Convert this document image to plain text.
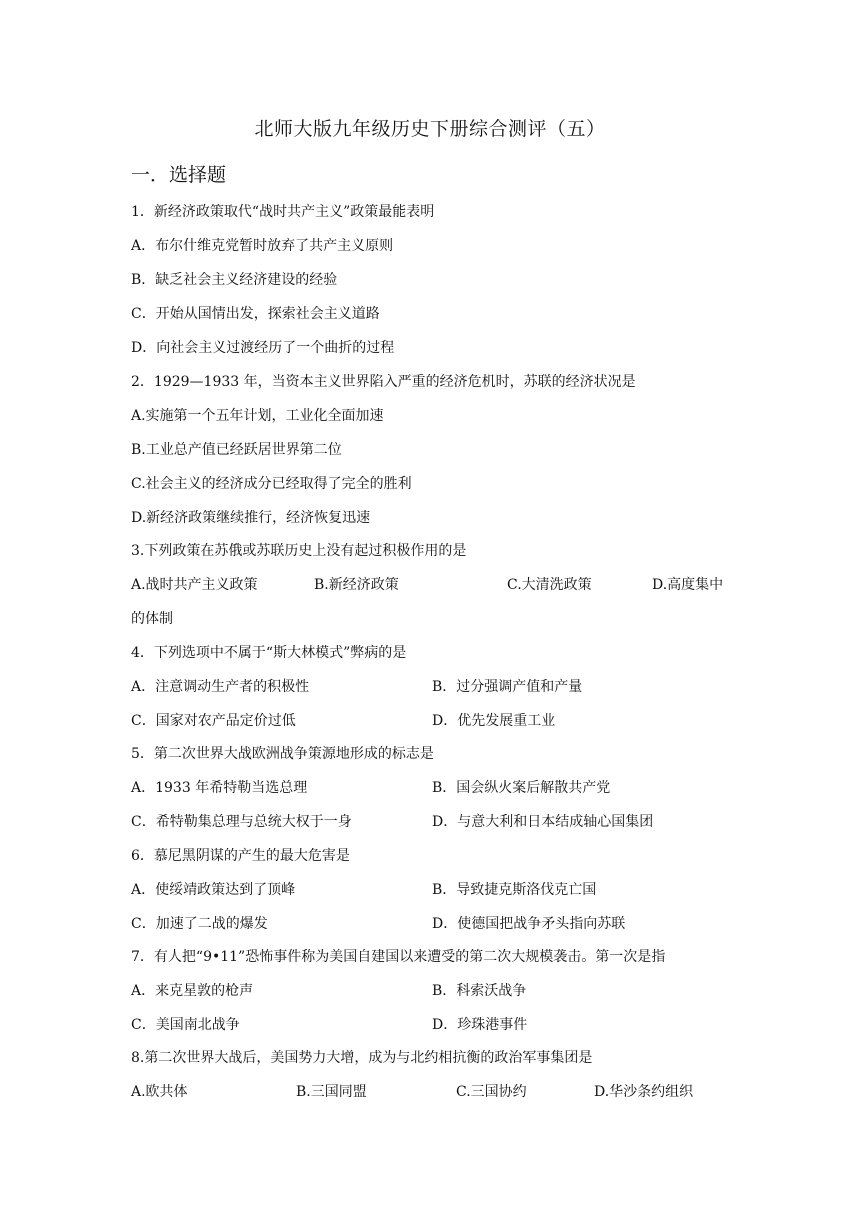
北师大版九年级历史下册综合测评（五）
一．选择题
1．新经济政策取代“战时共产主义”政策最能表明
A．布尔什维克党暂时放弃了共产主义原则
B．缺乏社会主义经济建设的经验
C．开始从国情出发，探索社会主义道路
D．向社会主义过渡经历了一个曲折的过程
2．1929—1933 年，当资本主义世界陷入严重的经济危机时，苏联的经济状况是
A.实施第一个五年计划，工业化全面加速
B.工业总产值已经跃居世界第二位
C.社会主义的经济成分已经取得了完全的胜利
D.新经济政策继续推行，经济恢复迅速
3.下列政策在苏俄或苏联历史上没有起过积极作用的是
A.战时共产主义政策	B.新经济政策	C.大清洗政策	D.高度集中
的体制
4．下列选项中不属于“斯大林模式”弊病的是
A．注意调动生产者的积极性	B．过分强调产值和产量
C．国家对农产品定价过低	D．优先发展重工业
5．第二次世界大战欧洲战争策源地形成的标志是
A．1933 年希特勒当选总理	B．国会纵火案后解散共产党
C．希特勒集总理与总统大权于一身	D．与意大利和日本结成轴心国集团
6．慕尼黑阴谋的产生的最大危害是
A．使绥靖政策达到了顶峰	B．导致捷克斯洛伐克亡国
C．加速了二战的爆发	D．使德国把战争矛头指向苏联
7．有人把“9•11”恐怖事件称为美国自建国以来遭受的第二次大规模袭击。第一次是指
A．来克星敦的枪声	B．科索沃战争
C．美国南北战争	D．珍珠港事件
8.第二次世界大战后，美国势力大增，成为与北约相抗衡的政治军事集团是
A.欧共体	B.三国同盟	C.三国协约	D.华沙条约组织
